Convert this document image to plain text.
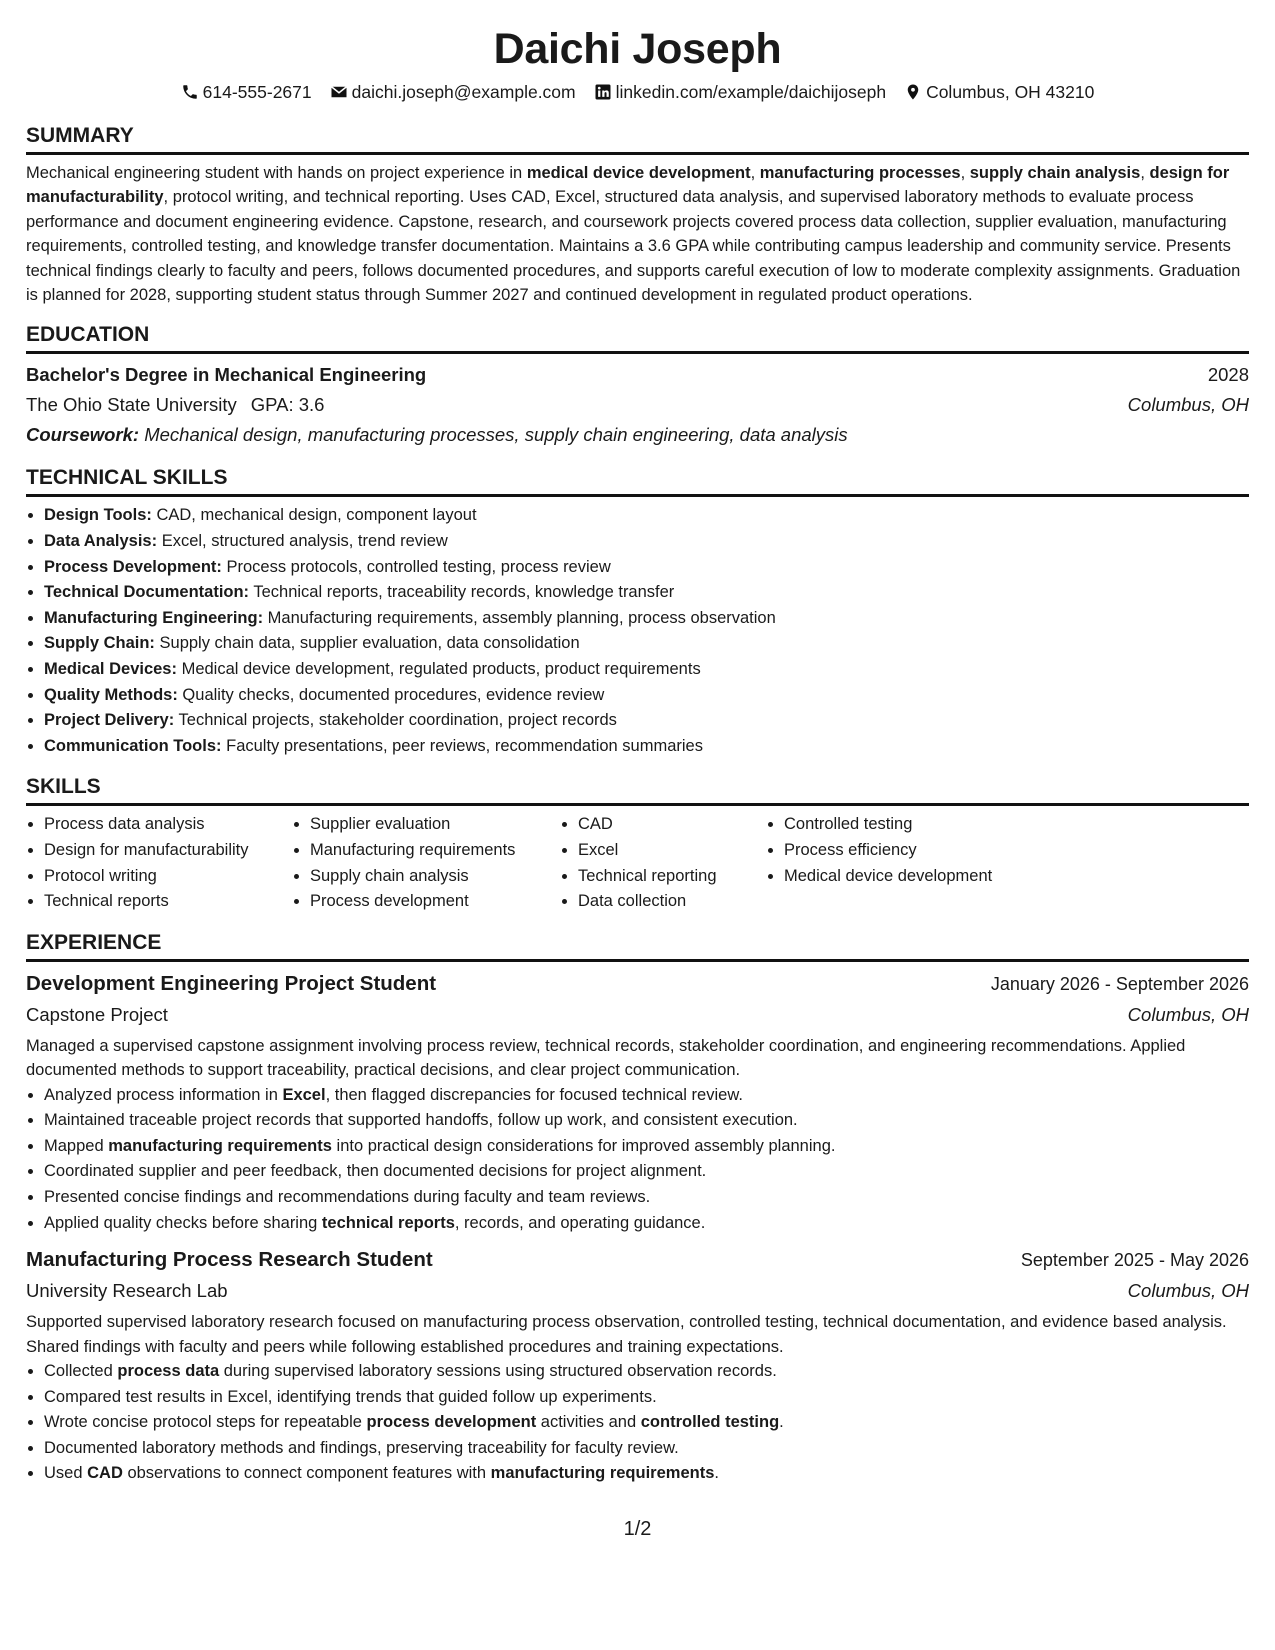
Daichi Joseph
614-555-2671 daichi.joseph@example.com linkedin.com/example/daichijoseph Columbus, OH 43210
SUMMARY

Mechanical engineering student with hands on project experience in medical device development, manufacturing processes, supply chain analysis, design for manufacturability, protocol writing, and technical reporting. Uses CAD, Excel, structured data analysis, and supervised laboratory methods to evaluate process performance and document engineering evidence. Capstone, research, and coursework projects covered process data collection, supplier evaluation, manufacturing requirements, controlled testing, and knowledge transfer documentation. Maintains a 3.6 GPA while contributing campus leadership and community service. Presents technical findings clearly to faculty and peers, follows documented procedures, and supports careful execution of low to moderate complexity assignments. Graduation is planned for 2028, supporting student status through Summer 2027 and continued development in regulated product operations.

EDUCATION
Bachelor's Degree in Mechanical Engineering	2028
The Ohio State University GPA: 3.6	Columbus, OH
Coursework: Mechanical design, manufacturing processes, supply chain engineering, data analysis
TECHNICAL SKILLS
• Design Tools: CAD, mechanical design, component layout
• Data Analysis: Excel, structured analysis, trend review
• Process Development: Process protocols, controlled testing, process review
• Technical Documentation: Technical reports, traceability records, knowledge transfer
• Manufacturing Engineering: Manufacturing requirements, assembly planning, process observation
• Supply Chain: Supply chain data, supplier evaluation, data consolidation
• Medical Devices: Medical device development, regulated products, product requirements
• Quality Methods: Quality checks, documented procedures, evidence review
• Project Delivery: Technical projects, stakeholder coordination, project records
• Communication Tools: Faculty presentations, peer reviews, recommendation summaries
SKILLS
• Process data analysis
• Design for manufacturability
• Protocol writing
• Technical reports
• Supplier evaluation
• Manufacturing requirements
• Supply chain analysis
• Process development
• CAD
• Excel
• Technical reporting
• Data collection
• Controlled testing
• Process efficiency
• Medical device development
EXPERIENCE
Development Engineering Project Student	January 2026 - September 2026
Capstone Project	Columbus, OH

Managed a supervised capstone assignment involving process review, technical records, stakeholder coordination, and engineering recommendations. Applied documented methods to support traceability, practical decisions, and clear project communication.

• Analyzed process information in Excel, then flagged discrepancies for focused technical review.
• Maintained traceable project records that supported handoffs, follow up work, and consistent execution.
• Mapped manufacturing requirements into practical design considerations for improved assembly planning.
• Coordinated supplier and peer feedback, then documented decisions for project alignment.
• Presented concise findings and recommendations during faculty and team reviews.
• Applied quality checks before sharing technical reports, records, and operating guidance.
Manufacturing Process Research Student	September 2025 - May 2026
University Research Lab	Columbus, OH

Supported supervised laboratory research focused on manufacturing process observation, controlled testing, technical documentation, and evidence based analysis. Shared findings with faculty and peers while following established procedures and training expectations.

• Collected process data during supervised laboratory sessions using structured observation records.
• Compared test results in Excel, identifying trends that guided follow up experiments.
• Wrote concise protocol steps for repeatable process development activities and controlled testing.
• Documented laboratory methods and findings, preserving traceability for faculty review.
• Used CAD observations to connect component features with manufacturing requirements.
1/2
